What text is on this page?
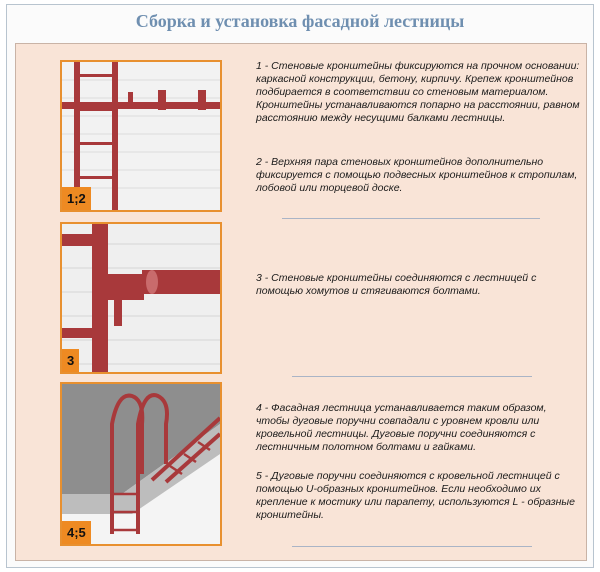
Сборка и установка фасадной лестницы
1;2
3
4;5
1 - Стеновые кронштейны фиксируются на прочном основании: каркасной конструкции, бетону, кирпичу. Крепеж кронштейнов подбирается в соответствии со стеновым материалом. Кронштейны устанавливаются попарно на расстоянии, равном расстоянию между несущими балками лестницы.
2 - Верхняя пара стеновых кронштейнов дополнительно фиксируется с помощью подвесных кронштейнов к стропилам, лобовой или торцевой доске.
3 - Стеновые кронштейны соединяются с лестницей с помощью хомутов и стягиваются болтами.
4 - Фасадная лестница устанавливается таким образом, чтобы дуговые поручни совпадали с уровнем кровли или кровельной лестницы. Дуговые поручни соединяются с лестничным полотном болтами и гайками.
5 - Дуговые поручни соединяются с кровельной лестницей с помощью U-образных кронштейнов. Если необходимо их крепление к мостику или парапету, используются L - образные кронштейны.
